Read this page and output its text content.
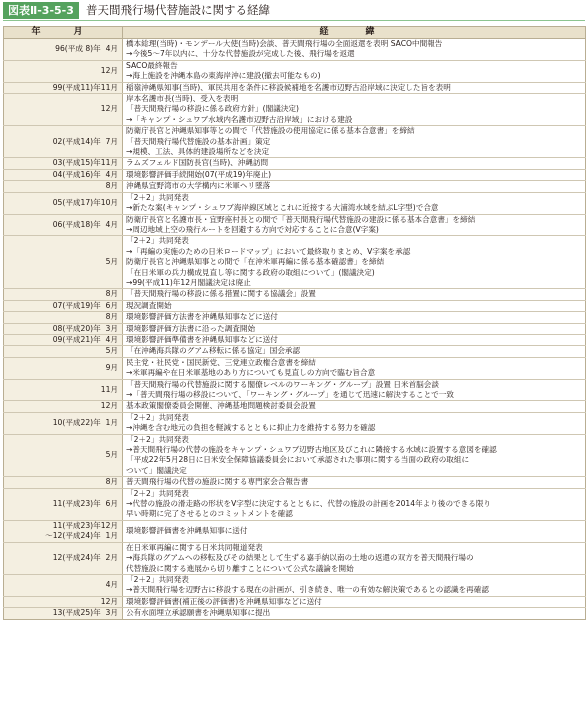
図表Ⅱ-3-5-3	普天間飛行場代替施設に関する経緯
年　月	経　緯
96(平成 8)年  4月	橋本総理(当時)・モンデール大使(当時)会談、普天間飛行場の全面返還を表明 SACO中間報告
→今後5～7年以内に、十分な代替施設が完成した後、飛行場を返還

12月	SACO最終報告
→海上施設を沖縄本島の東海岸沖に建設(撤去可能なもの)

99(平成11)年11月	稲嶺沖縄県知事(当時)、軍民共用を条件に移設候補地を名護市辺野古沿岸域に決定した旨を表明

12月	岸本名護市長(当時)、受入を表明
「普天間飛行場の移設に係る政府方針」(閣議決定)
→「キャンプ・シュワブ水域内名護市辺野古沿岸域」における建設

02(平成14)年  7月	防衛庁長官と沖縄県知事等との間で「代替施設の使用協定に係る基本合意書」を締結
「普天間飛行場代替施設の基本計画」策定
→規模、工法、具体的建設場所などを決定

03(平成15)年11月	ラムズフェルド国防長官(当時)、沖縄訪問

04(平成16)年  4月	環境影響評価手続開始(07(平成19)年廃止)

8月	沖縄県宜野湾市の大学構内に米軍ヘリ墜落

05(平成17)年10月	「2＋2」共同発表
→新たな案(キャンプ・シュワブ海岸線区域とこれに近接する大浦湾水域を結ぶL字型)で合意

06(平成18)年  4月	防衛庁長官と名護市長・宜野座村長との間で「普天間飛行場代替施設の建設に係る基本合意書」を締結
→周辺地域上空の飛行ルートを回避する方向で対応することに合意(V字案)

5月	「2＋2」共同発表
→「再編の実施のための日米ロードマップ」において最終取りまとめ、V字案を承認
防衛庁長官と沖縄県知事との間で「在沖米軍再編に係る基本確認書」を締結
「在日米軍の兵力構成見直し等に関する政府の取組について」(閣議決定)
→99(平成11)年12月閣議決定は廃止

8月	「普天間飛行場の移設に係る措置に関する協議会」設置

07(平成19)年  6月	現況調査開始

8月	環境影響評価方法書を沖縄県知事などに送付

08(平成20)年  3月	環境影響評価方法書に沿った調査開始

09(平成21)年  4月	環境影響評価準備書を沖縄県知事などに送付

5月	「在沖縄海兵隊のグアム移転に係る協定」国会承認

9月	民主党・社民党・国民新党、三党連立政権合意書を締結
→米軍再編や在日米軍基地のあり方についても見直しの方向で臨む旨合意

11月	「普天間飛行場の代替施設に関する閣僚レベルのワーキング・グループ」設置 日米首脳会談
→「普天間飛行場の移設について、「ワーキング・グループ」を通じて迅速に解決することで一致

12月	基本政策閣僚委員会開催、沖縄基地問題検討委員会設置

10(平成22)年  1月	「2＋2」共同発表
→沖縄を含む地元の負担を軽減するとともに抑止力を維持する努力を確認

5月	「2＋2」共同発表
→普天間飛行場の代替の施設をキャンプ・シュワブ辺野古地区及びこれに隣接する水域に設置する意図を確認
「平成22年5月28日に日米安全保障協議委員会において承認された事項に関する当面の政府の取組に
ついて」閣議決定

8月	普天間飛行場の代替の施設に関する専門家会合報告書

11(平成23)年  6月	「2＋2」共同発表
→代替の施設の滑走路の形状をV字型に決定するとともに、代替の施設の計画を2014年より後のできる限り
早い時期に完了させるとのコミットメントを確認

11(平成23)年12月
～12(平成24)年  1月	環境影響評価書を沖縄県知事に送付

12(平成24)年  2月	在日米軍再編に関する日米共同報道発表
→海兵隊のグアムへの移転及びその結果として生ずる嘉手納以南の土地の返還の双方を普天間飛行場の
代替施設に関する進展から切り離すことについて公式な議論を開始

4月	「2＋2」共同発表
→普天間飛行場を辺野古に移設する現在の計画が、引き続き、唯一の有効な解決策であるとの認識を再確認

12月	環境影響評価書(補正後の評価書)を沖縄県知事などに送付

13(平成25)年  3月	公有水面埋立承認願書を沖縄県知事に提出
